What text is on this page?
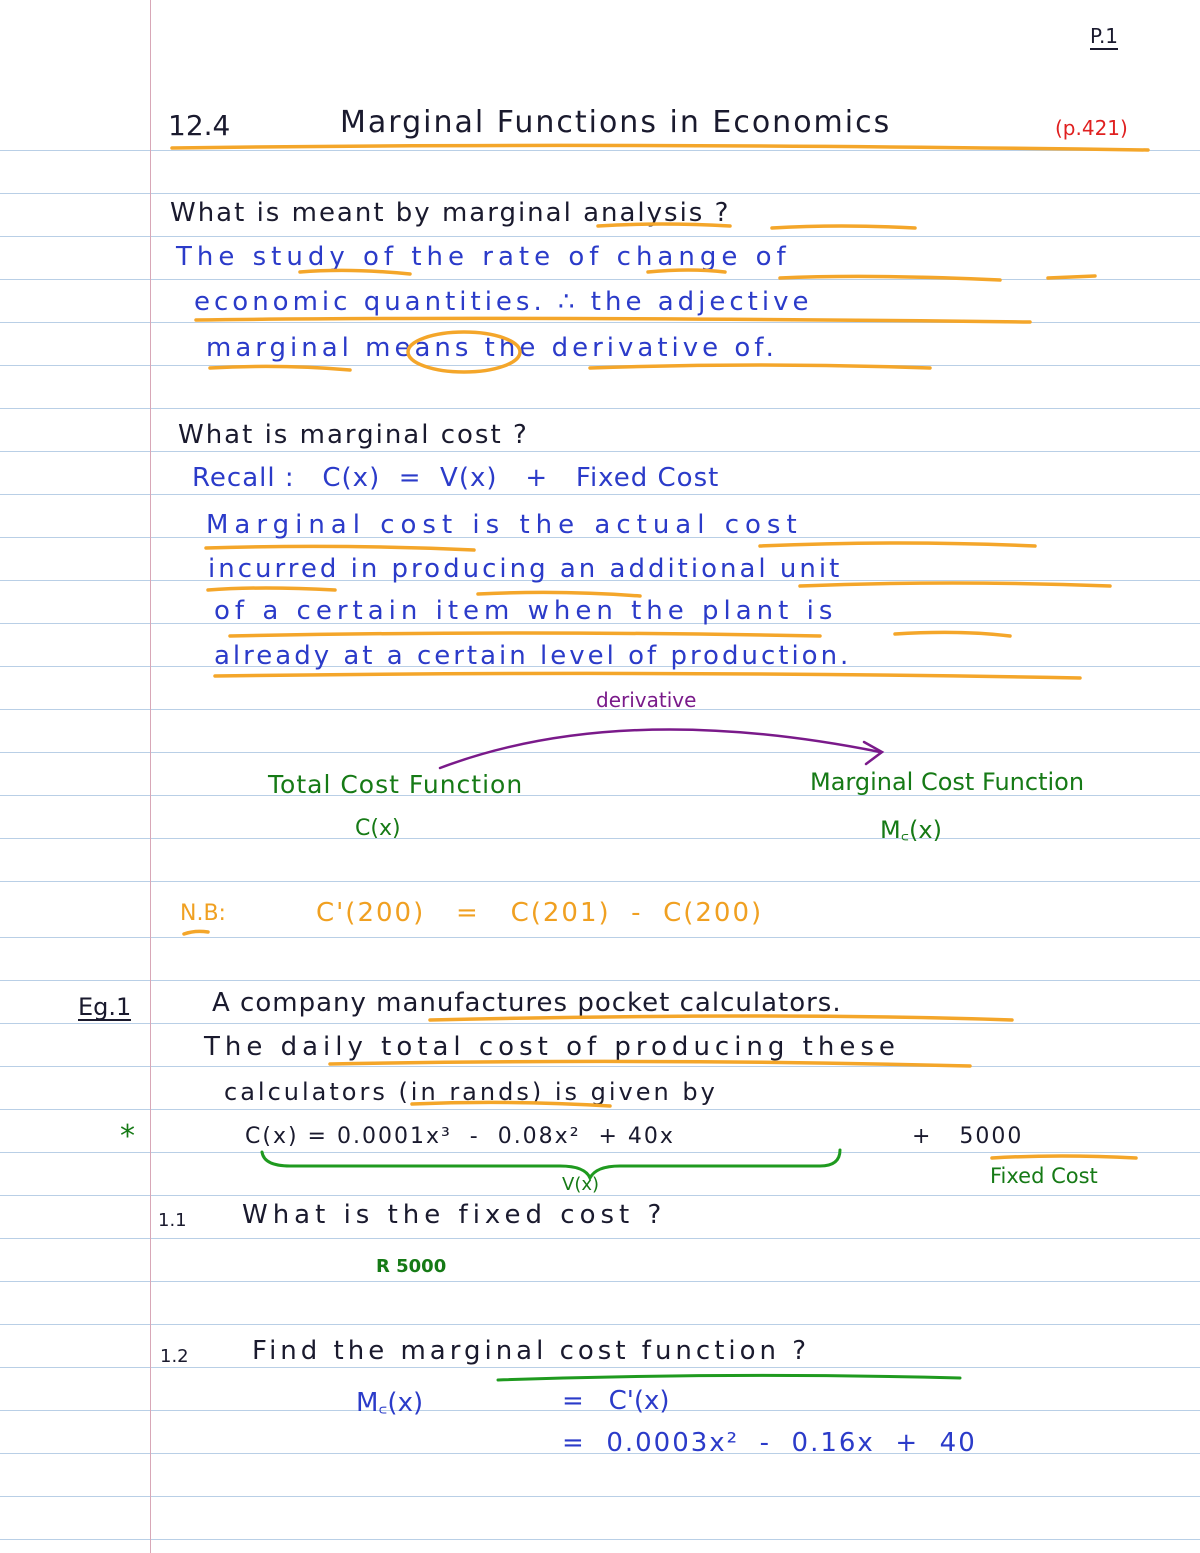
P.1
12.4	Marginal Functions in Economics	(p.421)
What is meant by marginal analysis ?
The study of the rate of change of
economic quantities. ∴ the adjective
marginal means the derivative of.
What is marginal cost ?
Recall :   C(x)  =  V(x)   +   Fixed Cost
Marginal cost is the actual cost
incurred in producing an additional unit
of a certain item when the plant is
already at a certain level of production.
derivative
Total Cost Function
C(x)
Marginal Cost Function
M꜀(x)
N.B:	C'(200)   =   C(201)  -  C(200)
Eg.1	A company manufactures pocket calculators.
The daily total cost of producing these
calculators (in rands) is given by
*	C(x) = 0.0001x³  -  0.08x²  + 40x	+   5000
V(x)	Fixed Cost
1.1 What is the fixed cost ?
R 5000
1.2 Find the marginal cost function ?
M꜀(x)	=   C'(x)
=  0.0003x²  -  0.16x  +  40
